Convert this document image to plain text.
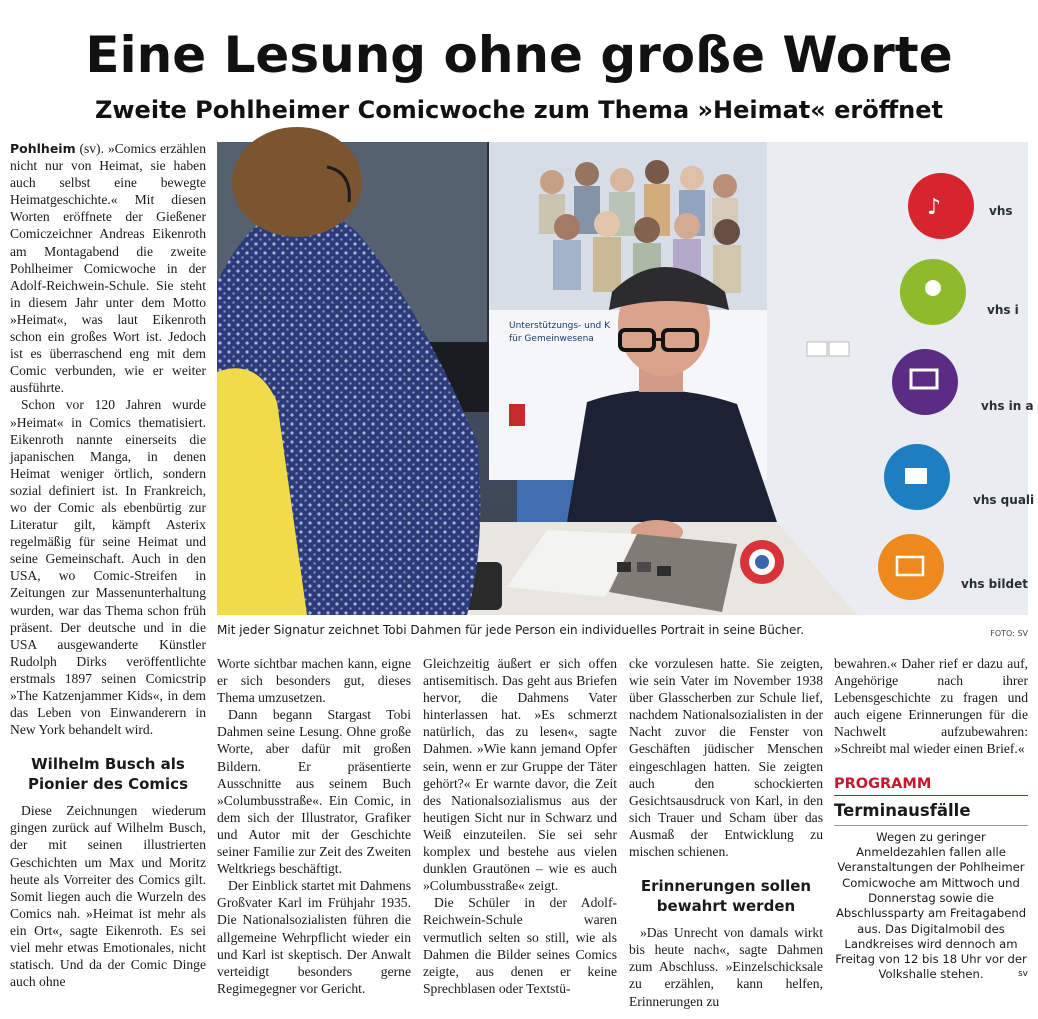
Eine Lesung ohne große Worte
Zweite Pohlheimer Comicwoche zum Thema »Heimat« eröffnet

Pohlheim (sv). »Comics erzählen nicht nur von Heimat, sie haben auch selbst eine bewegte Heimatgeschichte.« Mit diesen Worten eröffnete der Gießener Comiczeichner Andreas Eikenroth am Montagabend die zweite Pohlheimer Comicwoche in der Adolf-Reichwein-Schule. Sie steht in diesem Jahr unter dem Motto »Heimat«, was laut Eikenroth schon ein großes Wort ist. Jedoch ist es überraschend eng mit dem Comic verbunden, wie er weiter ausführte.

Schon vor 120 Jahren wurde »Heimat« in Comics thematisiert. Eikenroth nannte einerseits die japanischen Manga, in denen Heimat weniger örtlich, sondern sozial definiert ist. In Frankreich, wo der Comic als ebenbürtig zur Literatur gilt, kämpft Asterix regelmäßig für seine Heimat und seine Gemeinschaft. Auch in den USA, wo Comic-Streifen in Zeitungen zur Massenunterhaltung wurden, war das Thema schon früh präsent. Der deutsche und in die USA ausgewanderte Künstler Rudolph Dirks veröffentlichte erstmals 1897 seinen Comicstrip »The Katzenjammer Kids«, in dem das Leben von Einwanderern in New York behandelt wird.

Wilhelm Busch als Pionier des Comics

Diese Zeichnungen wiederum gingen zurück auf Wilhelm Busch, der mit seinen illustrierten Geschichten um Max und Moritz heute als Vorreiter des Comics gilt. Somit liegen auch die Wurzeln des Comics nah. »Heimat ist mehr als ein Ort«, sagte Eikenroth. Es sei viel mehr etwas Emotionales, nicht statisch. Und da der Comic Dinge auch ohne

Unterstützungs- und K
für Gemeinwesena
♪	vhs
vhs i
vhs in a
vhs quali
vhs bildet
Mit jeder Signatur zeichnet Tobi Dahmen für jede Person ein individuelles Portrait in seine Bücher.	FOTO: SV

Worte sichtbar machen kann, eigne er sich besonders gut, dieses Thema umzusetzen.

Dann begann Stargast Tobi Dahmen seine Lesung. Ohne große Worte, aber dafür mit großen Bildern. Er präsentierte Ausschnitte aus seinem Buch »Columbusstraße«. Ein Comic, in dem sich der Illustrator, Grafiker und Autor mit der Geschichte seiner Familie zur Zeit des Zweiten Weltkriegs beschäftigt.

Der Einblick startet mit Dahmens Großvater Karl im Frühjahr 1935. Die Nationalsozialisten führen die allgemeine Wehrpflicht wieder ein und Karl ist skeptisch. Der Anwalt verteidigt besonders gerne Regimegegner vor Gericht.

Gleichzeitig äußert er sich offen antisemitisch. Das geht aus Briefen hervor, die Dahmens Vater hinterlassen hat. »Es schmerzt natürlich, das zu lesen«, sagte Dahmen. »Wie kann jemand Opfer sein, wenn er zur Gruppe der Täter gehört?« Er warnte davor, die Zeit des Nationalsozialismus aus der heutigen Sicht nur in Schwarz und Weiß einzuteilen. Sie sei sehr komplex und bestehe aus vielen dunklen Grautönen – wie es auch »Columbusstraße« zeigt.

Die Schüler in der Adolf-Reichwein-Schule waren vermutlich selten so still, wie als Dahmen die Bilder seines Comics zeigte, aus denen er keine Sprechblasen oder Textstü-

cke vorzulesen hatte. Sie zeigten, wie sein Vater im November 1938 über Glasscherben zur Schule lief, nachdem Nationalsozialisten in der Nacht zuvor die Fenster von Geschäften jüdischer Menschen eingeschlagen hatten. Sie zeigten auch den schockierten Gesichtsausdruck von Karl, in den sich Trauer und Scham über das Ausmaß der Entwicklung zu mischen schienen.

Erinnerungen sollen bewahrt werden

»Das Unrecht von damals wirkt bis heute nach«, sagte Dahmen zum Abschluss. »Einzelschicksale zu erzählen, kann helfen, Erinnerungen zu

bewahren.« Daher rief er dazu auf, Angehörige nach ihrer Lebensgeschichte zu fragen und auch eigene Erinnerungen für die Nachwelt aufzubewahren: »Schreibt mal wieder einen Brief.«

PROGRAMM
Terminausfälle
Wegen zu geringer Anmeldezahlen fallen alle Veranstaltungen der Pohlheimer Comicwoche am Mittwoch und Donnerstag sowie die Abschlussparty am Freitagabend aus. Das Digitalmobil des Landkreises wird dennoch am Freitag von 12 bis 18 Uhr vor der Volkshalle stehen.	sv
